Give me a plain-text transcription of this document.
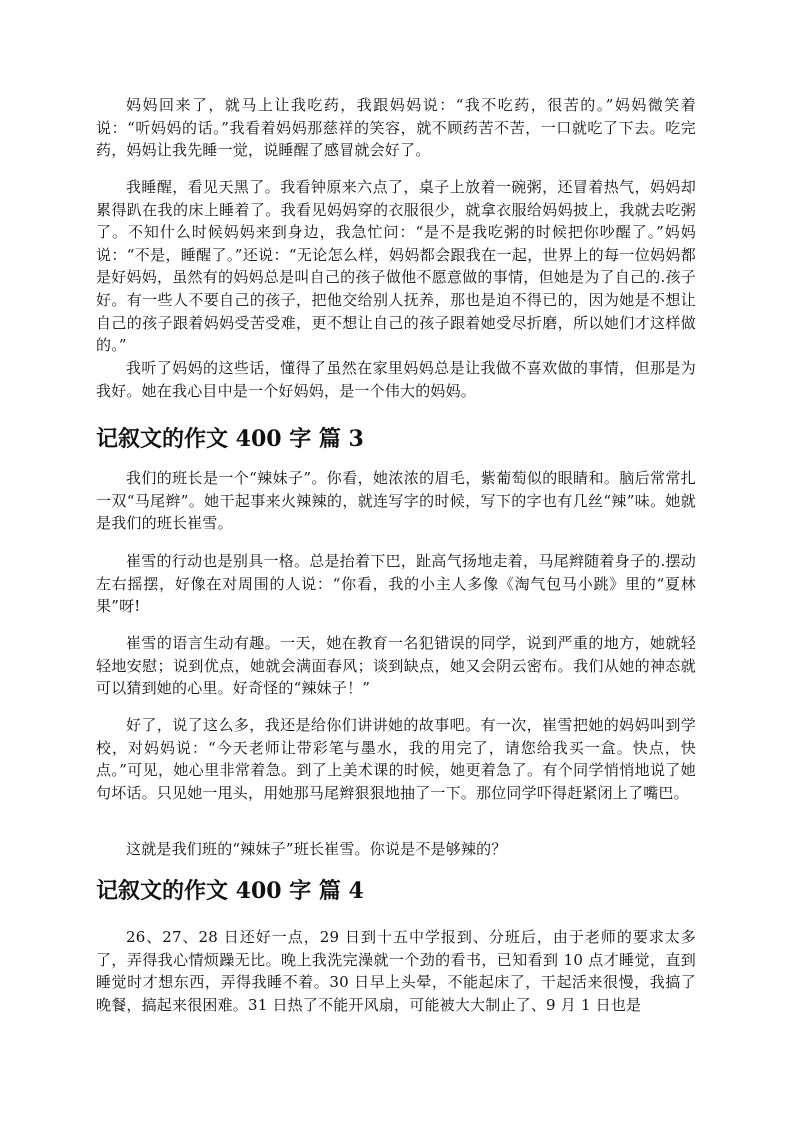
妈妈回来了，就马上让我吃药，我跟妈妈说：“我不吃药，很苦的。”妈妈微笑着说：“听妈妈的话。”我看着妈妈那慈祥的笑容，就不顾药苦不苦，一口就吃了下去。吃完药，妈妈让我先睡一觉，说睡醒了感冒就会好了。

我睡醒，看见天黑了。我看钟原来六点了，桌子上放着一碗粥，还冒着热气，妈妈却累得趴在我的床上睡着了。我看见妈妈穿的衣服很少，就拿衣服给妈妈披上，我就去吃粥了。不知什么时候妈妈来到身边，我急忙问：“是不是我吃粥的时候把你吵醒了。”妈妈说：“不是，睡醒了。”还说：“无论怎么样，妈妈都会跟我在一起，世界上的每一位妈妈都是好妈妈，虽然有的妈妈总是叫自己的孩子做他不愿意做的事情，但她是为了自己的.孩子好。有一些人不要自己的孩子，把他交给别人抚养，那也是迫不得已的，因为她是不想让自己的孩子跟着妈妈受苦受难，更不想让自己的孩子跟着她受尽折磨，所以她们才这样做的。”

我听了妈妈的这些话，懂得了虽然在家里妈妈总是让我做不喜欢做的事情，但那是为我好。她在我心目中是一个好妈妈，是一个伟大的妈妈。

记叙文的作文 400 字 篇 3

我们的班长是一个“辣妹子”。你看，她浓浓的眉毛，紫葡萄似的眼睛和。脑后常常扎一双“马尾辫”。她干起事来火辣辣的，就连写字的时候，写下的字也有几丝“辣”味。她就是我们的班长崔雪。

崔雪的行动也是别具一格。总是抬着下巴，趾高气扬地走着，马尾辫随着身子的.摆动左右摇摆，好像在对周围的人说：“你看，我的小主人多像《淘气包马小跳》里的“夏林果”呀!

崔雪的语言生动有趣。一天，她在教育一名犯错误的同学，说到严重的地方，她就轻轻地安慰；说到优点，她就会满面春风；谈到缺点，她又会阴云密布。我们从她的神态就可以猜到她的心里。好奇怪的“辣妹子！”

好了，说了这么多，我还是给你们讲讲她的故事吧。有一次，崔雪把她的妈妈叫到学校，对妈妈说：“今天老师让带彩笔与墨水，我的用完了，请您给我买一盒。快点，快点。”可见，她心里非常着急。到了上美术课的时候，她更着急了。有个同学悄悄地说了她句坏话。只见她一甩头，用她那马尾辫狠狠地抽了一下。那位同学吓得赶紧闭上了嘴巴。

这就是我们班的“辣妹子”班长崔雪。你说是不是够辣的？

记叙文的作文 400 字 篇 4

26、27、28 日还好一点，29 日到十五中学报到、分班后，由于老师的要求太多了，弄得我心情烦躁无比。晚上我洗完澡就一个劲的看书，已知看到 10 点才睡觉，直到睡觉时才想东西，弄得我睡不着。30 日早上头晕，不能起床了，干起活来很慢，我搞了晚餐，搞起来很困难。31 日热了不能开风扇，可能被大大制止了、9 月 1 日也是
